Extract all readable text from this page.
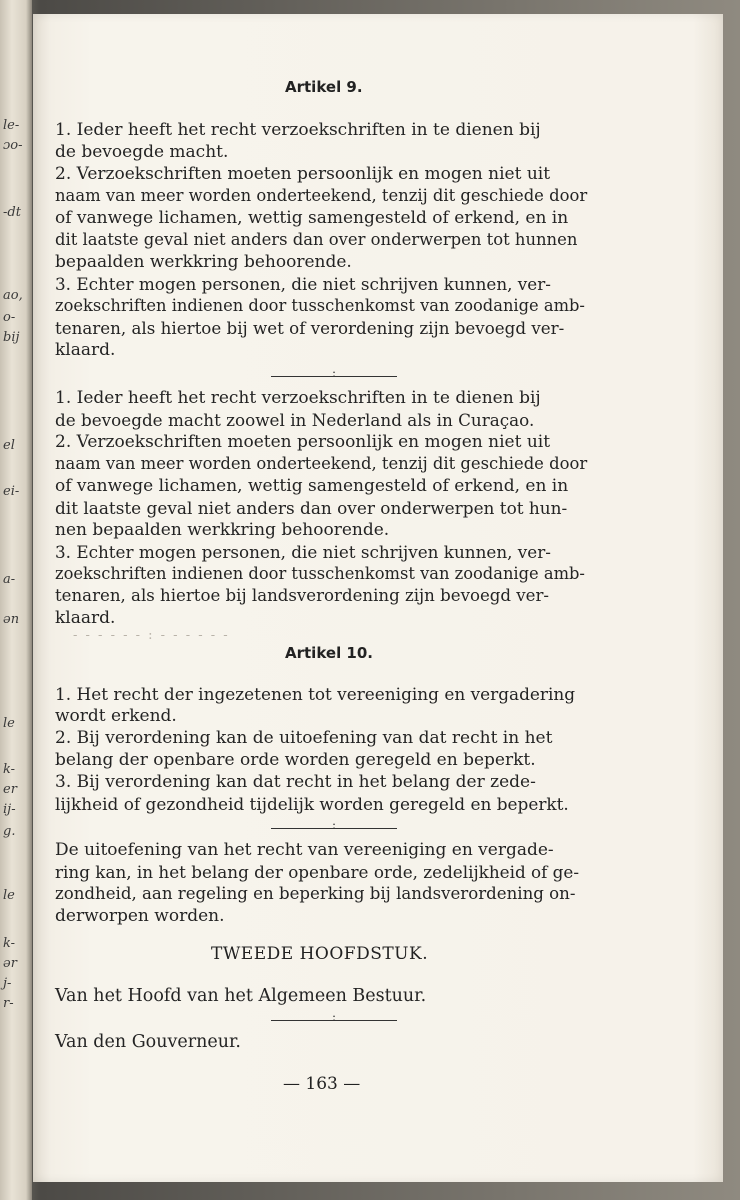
le-
ɔo-
-dt
ao,
o-
bij
el
ei-
a-
ən
le
k-
er
ij-
g.
le
k-
ər
j-
r-
Artikel 9.
1. Ieder heeft het recht verzoekschriften in te dienen bij
de bevoegde macht.
2. Verzoekschriften moeten persoonlijk en mogen niet uit
naam van meer worden onderteekend, tenzij dit geschiede door
of vanwege lichamen, wettig samengesteld of erkend, en in
dit laatste geval niet anders dan over onderwerpen tot hunnen
bepaalden werkkring behoorende.
3. Echter mogen personen, die niet schrijven kunnen, ver-
zoekschriften indienen door tusschenkomst van zoodanige amb-
tenaren, als hiertoe bij wet of verordening zijn bevoegd ver-
klaard.
:
1. Ieder heeft het recht verzoekschriften in te dienen bij
de bevoegde macht zoowel in Nederland als in Curaçao.
2. Verzoekschriften moeten persoonlijk en mogen niet uit
naam van meer worden onderteekend, tenzij dit geschiede door
of vanwege lichamen, wettig samengesteld of erkend, en in
dit laatste geval niet anders dan over onderwerpen tot hun-
nen bepaalden werkkring behoorende.
3. Echter mogen personen, die niet schrijven kunnen, ver-
zoekschriften indienen door tusschenkomst van zoodanige amb-
tenaren, als hiertoe bij landsverordening zijn bevoegd ver-
klaard.
- - - - - - : - - - - - -
Artikel 10.
1. Het recht der ingezetenen tot vereeniging en vergadering
wordt erkend.
2. Bij verordening kan de uitoefening van dat recht in het
belang der openbare orde worden geregeld en beperkt.
3. Bij verordening kan dat recht in het belang der zede-
lijkheid of gezondheid tijdelijk worden geregeld en beperkt.
:
De uitoefening van het recht van vereeniging en vergade-
ring kan, in het belang der openbare orde, zedelijkheid of ge-
zondheid, aan regeling en beperking bij landsverordening on-
derworpen worden.
TWEEDE HOOFDSTUK.
Van het Hoofd van het Algemeen Bestuur.
:
Van den Gouverneur.
— 163 —
